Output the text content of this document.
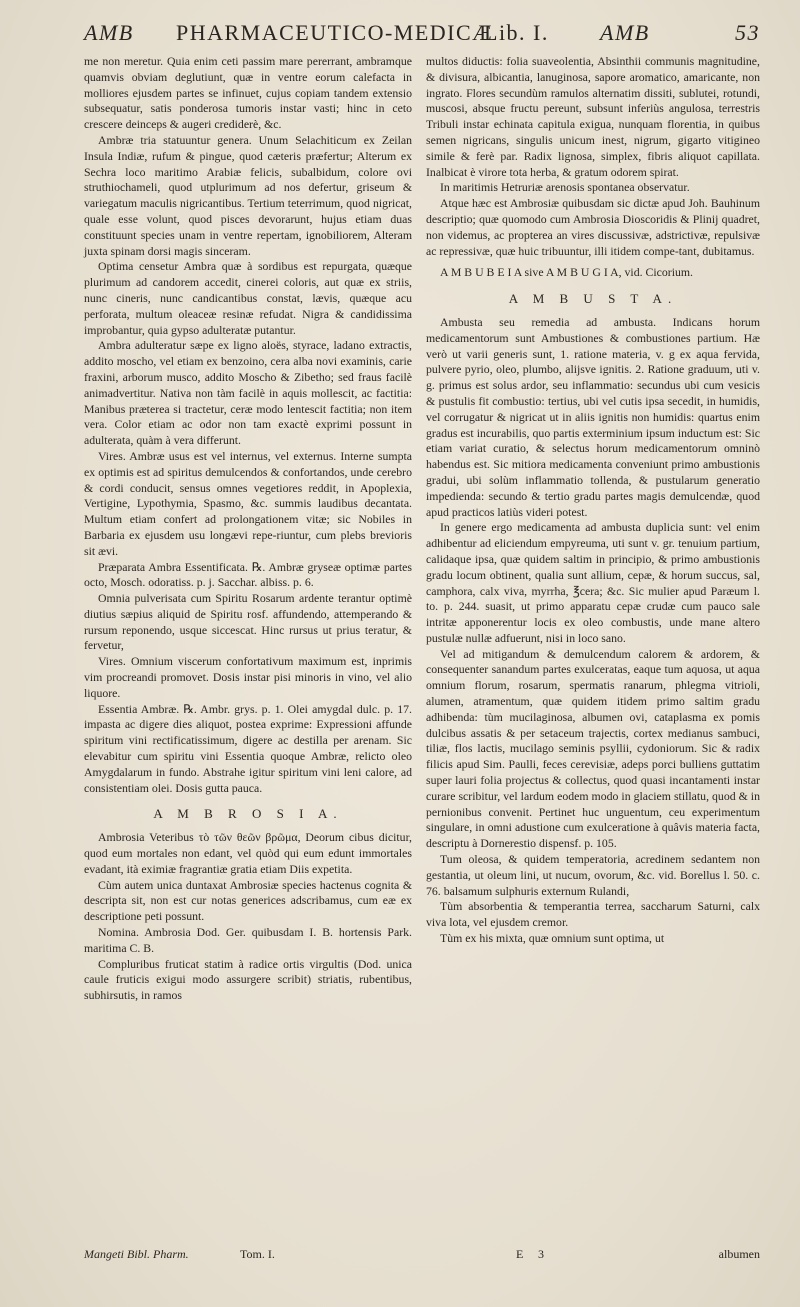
AMB PHARMACEUTICO-MEDICÆ
Lib. I. AMB	53

me non meretur. Quia enim ceti passim mare pererrant, ambramque quamvis obviam deglutiunt, quæ in ventre eorum calefacta in molliores ejusdem partes se infinuet, cujus copiam tandem extensio subsequatur, satis ponderosa tumoris instar vasti; hinc in ceto crescere deinceps & augeri crediderè, &c.

Ambræ tria statuuntur genera. Unum Selachiticum ex Zeilan Insula Indiæ, rufum & pingue, quod cæteris præfertur; Alterum ex Sechra loco maritimo Arabiæ felicis, subalbidum, colore ovi struthiochameli, quod utplurimum ad nos defertur, griseum & variegatum maculis nigricantibus. Tertium teterrimum, quod nigricat, quale esse volunt, quod pisces devorarunt, hujus etiam duas constituunt species unam in ventre repertam, ignobiliorem, Alteram juxta spinam dorsi magis sinceram.

Optima censetur Ambra quæ à sordibus est repurgata, quæque plurimum ad candorem accedit, cinerei coloris, aut quæ ex striis, nunc cineris, nunc candicantibus constat, lævis, quæque acu perforata, multum oleaceæ resinæ refudat. Nigra & candidissima improbantur, quia gypso adulteratæ putantur.

Ambra adulteratur sæpe ex ligno aloës, styrace, ladano extractis, addito moscho, vel etiam ex benzoino, cera alba novi examinis, carie fraxini, arborum musco, addito Moscho & Zibetho; sed fraus facilè animadvertitur. Nativa non tàm facilè in aquis mollescit, ac factitia: Manibus præterea si tractetur, ceræ modo lentescit factitia; non item vera. Color etiam ac odor non tam exactè exprimi possunt in adulterata, quàm à vera differunt.

Vires. Ambræ usus est vel internus, vel externus. Interne sumpta ex optimis est ad spiritus demulcendos & confortandos, unde cerebro & cordi conducit, sensus omnes vegetiores reddit, in Apoplexia, Vertigine, Lypothymia, Spasmo, &c. summis laudibus decantata. Multum etiam confert ad prolongationem vitæ; sic Nobiles in Barbaria ex ejusdem usu longævi repe-riuntur, cum plebs brevioris sit ævi.

Præparata Ambra Essentificata. ℞. Ambræ gryseæ optimæ partes octo, Mosch. odoratiss. p. j. Sacchar. albiss. p. 6.

Omnia pulverisata cum Spiritu Rosarum ardente terantur optimè diutius sæpius aliquid de Spiritu rosf. affundendo, attemperando & rursum reponendo, usque siccescat. Hinc rursus ut prius teratur, & fervetur,

Vires. Omnium viscerum confortativum maximum est, inprimis vim procreandi promovet. Dosis instar pisi minoris in vino, vel alio liquore.

Essentia Ambræ. ℞. Ambr. grys. p. 1. Olei amygdal dulc. p. 17. impasta ac digere dies aliquot, postea exprime: Expressioni affunde spiritum vini rectificatissimum, digere ac destilla per arenam. Sic elevabitur cum spiritu vini Essentia quoque Ambræ, relicto oleo Amygdalarum in fundo. Abstrahe igitur spiritum vini leni calore, ad consistentiam olei. Dosis gutta pauca.

A M B R O S I A.

Ambrosia Veteribus τὸ τῶν θεῶν βρῶμα, Deorum cibus dicitur, quod eum mortales non edant, vel quòd qui eum edunt immortales evadant, ità eximiæ fragrantiæ gratia etiam Diis expetita.

Cùm autem unica duntaxat Ambrosiæ species hactenus cognita & descripta sit, non est cur notas generices adscribamus, cum eæ ex descriptione peti possunt.

Nomina. Ambrosia Dod. Ger. quibusdam I. B. hortensis Park. maritima C. B.

Compluribus fruticat statim à radice ortis virgultis (Dod. unica caule fruticis exigui modo assurgere scribit) striatis, rubentibus, subhirsutis, in ramos

multos diductis: folia suaveolentia, Absinthii communis magnitudine, & divisura, albicantia, lanuginosa, sapore aromatico, amaricante, non ingrato. Flores secundùm ramulos alternatim dissiti, sublutei, rotundi, muscosi, absque fructu pereunt, subsunt inferiùs angulosa, terrestris Tribuli instar echinata capitula exigua, nunquam florentia, in quibus semen nigricans, singulis unicum inest, nigrum, gigarto vitigineo simile & ferè par. Radix lignosa, simplex, fibris aliquot capillata. Inalbicat è virore tota herba, & gratum odorem spirat.

In maritimis Hetruriæ arenosis spontanea observatur.

Atque hæc est Ambrosiæ quibusdam sic dictæ apud Joh. Bauhinum descriptio; quæ quomodo cum Ambrosia Dioscoridis & Plinij quadret, non videmus, ac propterea an vires discussivæ, adstrictivæ, repulsivæ ac repressivæ, quæ huic tribuuntur, illi itidem compe-tant, dubitamus.

A M B U B E I A sive A M B U G I A, vid. Cicorium.

A M B U S T A.

Ambusta seu remedia ad ambusta. Indicans horum medicamentorum sunt Ambustiones & combustiones partium. Hæ verò ut varii generis sunt, 1. ratione materia, v. g ex aqua fervida, pulvere pyrio, oleo, plumbo, alijsve ignitis. 2. Ratione graduum, uti v. g. primus est solus ardor, seu inflammatio: secundus ubi cum vesicis & pustulis fit combustio: tertius, ubi vel cutis ipsa secedit, in humidis, vel corrugatur & nigricat ut in aliis ignitis non humidis: quartus enim gradus est incurabilis, quo partis exterminium ipsum inductum est: Sic etiam variat curatio, & selectus horum medicamentorum omninò habendus est. Sic mitiora medicamenta conveniunt primo ambustionis gradui, ubi solùm inflammatio tollenda, & pustularum generatio impedienda: secundo & tertio gradu partes magis demulcendæ, quod apud practicos latiùs videri potest.

In genere ergo medicamenta ad ambusta duplicia sunt: vel enim adhibentur ad eliciendum empyreuma, uti sunt v. gr. tenuium partium, calidaque ipsa, quæ quidem saltim in principio, & primo ambustionis gradu locum obtinent, qualia sunt allium, cepæ, & horum succus, sal, camphora, calx viva, myrrha, ℥cera; &c. Sic mulier apud Paræum l. to. p. 244. suasit, ut primo apparatu cepæ crudæ cum pauco sale intritæ apponerentur locis ex oleo combustis, unde mane altero pustulæ nullæ adfuerunt, nisi in loco sano.

Vel ad mitigandum & demulcendum calorem & ardorem, & consequenter sanandum partes exulceratas, eaque tum aquosa, ut aqua omnium florum, rosarum, spermatis ranarum, phlegma vitrioli, alumen, atramentum, quæ quidem itidem primo saltim gradu adhibenda: tùm mucilaginosa, albumen ovi, cataplasma ex pomis dulcibus assatis & per setaceum trajectis, cortex medianus sambuci, tiliæ, flos lactis, mucilago seminis psyllii, cydoniorum. Sic & radix filicis apud Sim. Paulli, feces cerevisiæ, adeps porci bulliens guttatim super lauri folia projectus & collectus, quod quasi incantamenti instar curare scribitur, vel lardum eodem modo in glaciem stillatu, quod & in pernionibus convenit. Pertinet huc unguentum, ceu experimentum singulare, in omni adustione cum exulceratione à quâvis materia facta, descriptu à Dornerestio dispensf. p. 105.

Tum oleosa, & quidem temperatoria, acredinem sedantem non gestantia, ut oleum lini, ut nucum, ovorum, &c. vid. Borellus l. 50. c. 76. balsamum sulphuris externum Rulandi,

Tùm absorbentia & temperantia terrea, saccharum Saturni, calx viva lota, vel ejusdem cremor.

Tùm ex his mixta, quæ omnium sunt optima, ut

Mangeti Bibl. Pharm.	Tom. I.	E 3	albumen
